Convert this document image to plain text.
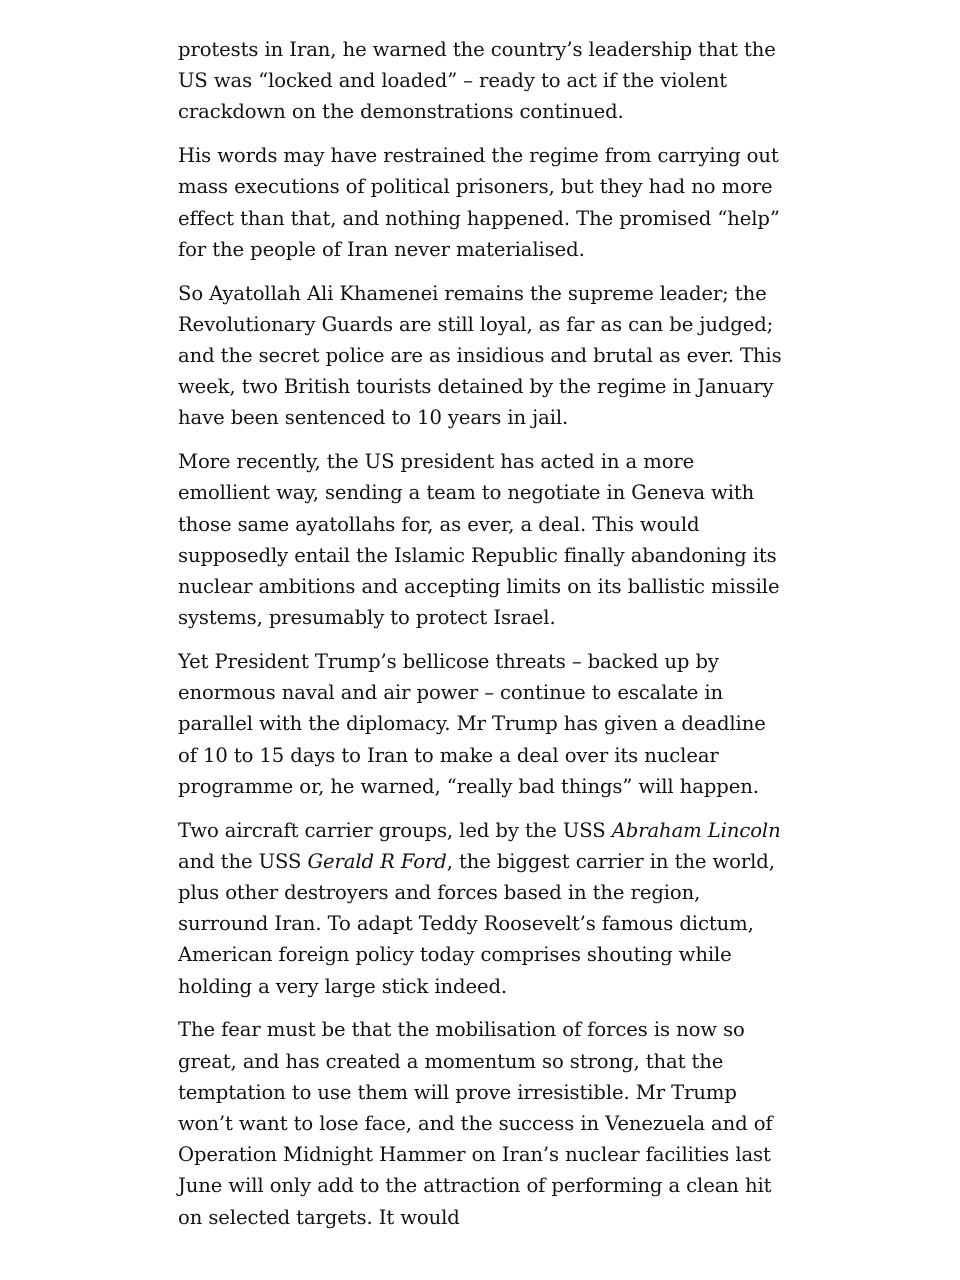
protests in Iran, he warned the country’s leadership that the US was “locked and loaded” – ready to act if the violent crackdown on the demonstrations continued.

His words may have restrained the regime from carrying out mass executions of political prisoners, but they had no more effect than that, and nothing happened. The promised “help” for the people of Iran never materialised.

So Ayatollah Ali Khamenei remains the supreme leader; the Revolutionary Guards are still loyal, as far as can be judged; and the secret police are as insidious and brutal as ever. This week, two British tourists detained by the regime in January have been sentenced to 10 years in jail.

More recently, the US president has acted in a more emollient way, sending a team to negotiate in Geneva with those same ayatollahs for, as ever, a deal. This would supposedly entail the Islamic Republic finally abandoning its nuclear ambitions and accepting limits on its ballistic missile systems, presumably to protect Israel.

Yet President Trump’s bellicose threats – backed up by enormous naval and air power – continue to escalate in parallel with the diplomacy. Mr Trump has given a deadline of 10 to 15 days to Iran to make a deal over its nuclear programme or, he warned, “really bad things” will happen.

Two aircraft carrier groups, led by the USS Abraham Lincoln and the USS Gerald R Ford, the biggest carrier in the world, plus other destroyers and forces based in the region, surround Iran. To adapt Teddy Roosevelt’s famous dictum, American foreign policy today comprises shouting while holding a very large stick indeed.

The fear must be that the mobilisation of forces is now so great, and has created a momentum so strong, that the temptation to use them will prove irresistible. Mr Trump won’t want to lose face, and the success in Venezuela and of Operation Midnight Hammer on Iran’s nuclear facilities last June will only add to the attraction of performing a clean hit on selected targets. It would
